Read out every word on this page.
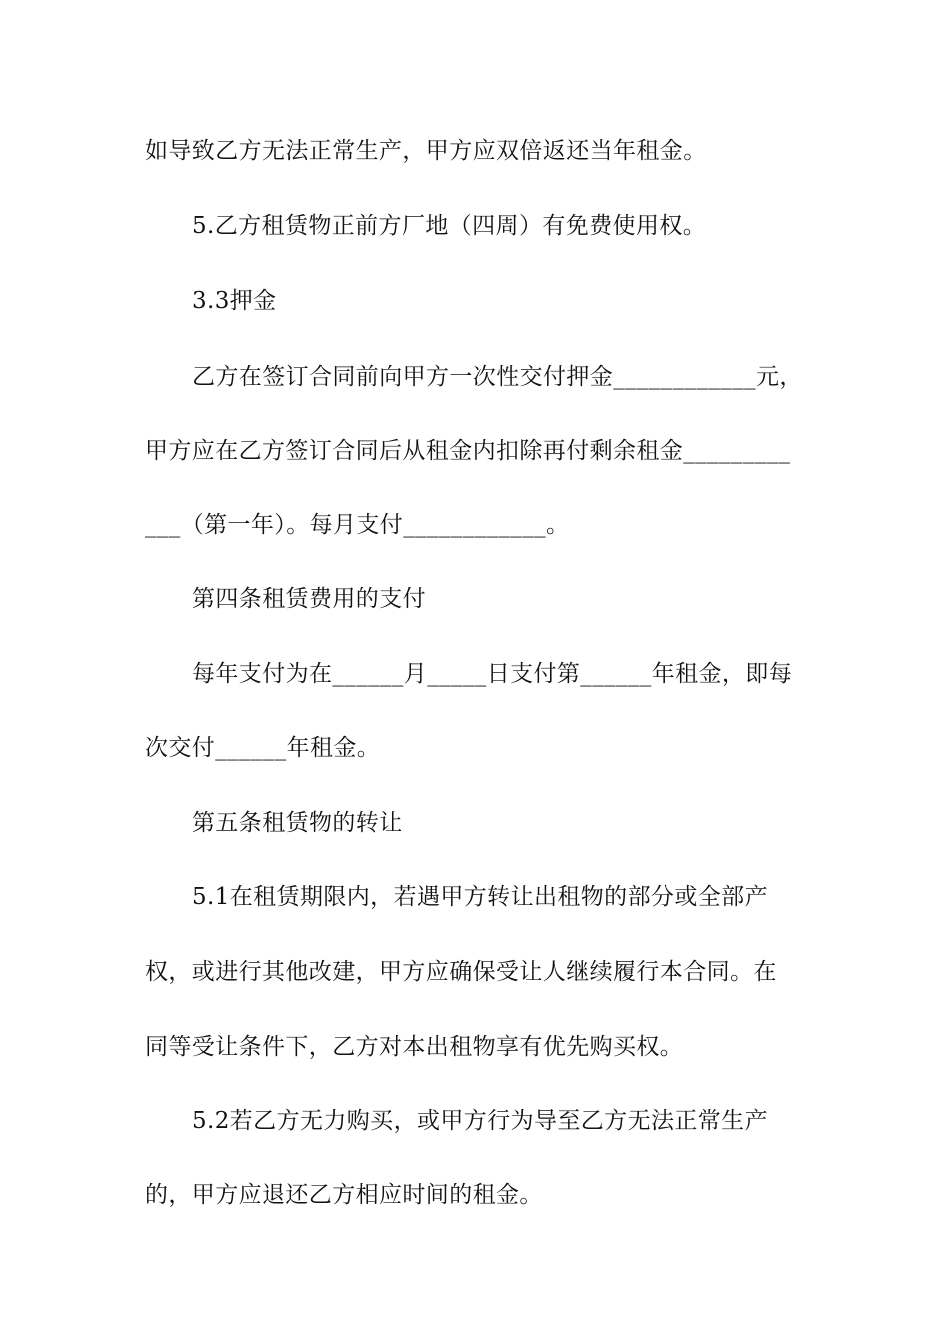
如导致乙方无法正常生产，甲方应双倍返还当年租金。
5.乙方租赁物正前方厂地（四周）有免费使用权。
3.3押金
乙方在签订合同前向甲方一次性交付押金____________元，
甲方应在乙方签订合同后从租金内扣除再付剩余租金_________
___（第一年）。每月支付____________。
第四条租赁费用的支付
每年支付为在______月_____日支付第______年租金，即每
次交付______年租金。
第五条租赁物的转让
5.1在租赁期限内，若遇甲方转让出租物的部分或全部产
权，或进行其他改建，甲方应确保受让人继续履行本合同。在
同等受让条件下，乙方对本出租物享有优先购买权。
5.2若乙方无力购买，或甲方行为导至乙方无法正常生产
的，甲方应退还乙方相应时间的租金。
